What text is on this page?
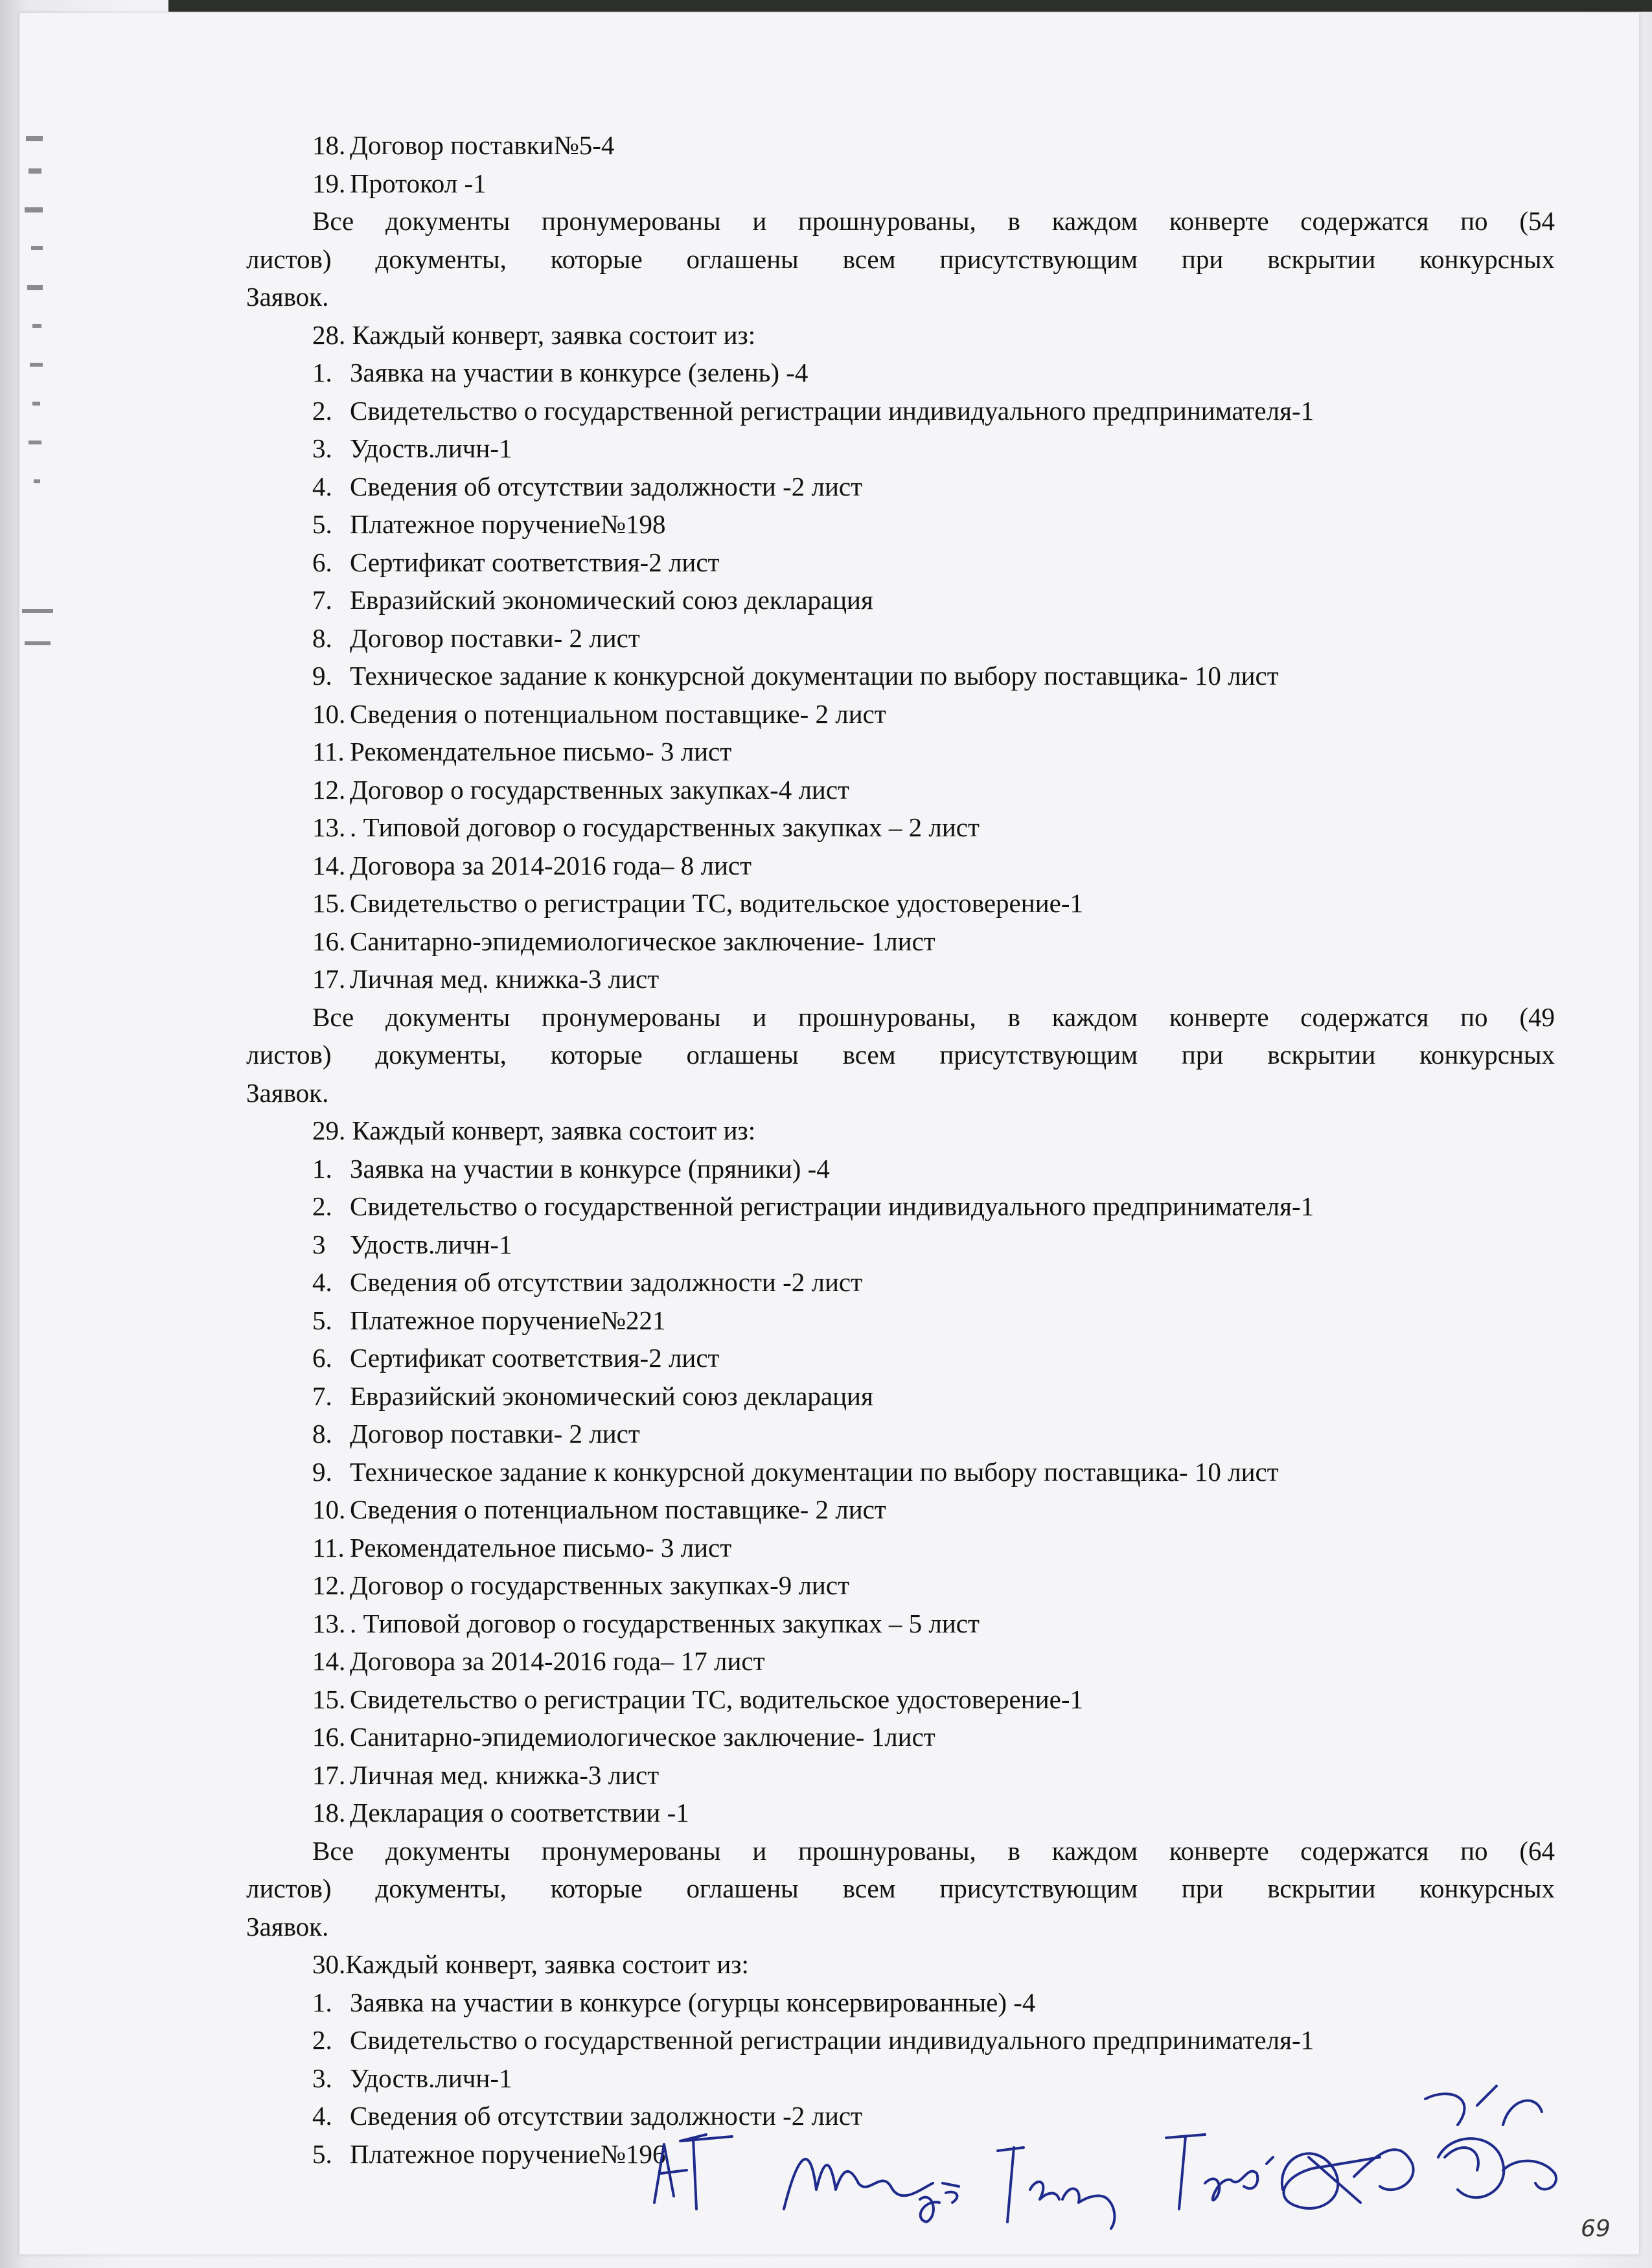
18. Договор поставки№5-4
19. Протокол -1
Все документы пронумерованы и прошнурованы, в каждом конверте содержатся по (54
листов) документы, которые оглашены всем присутствующим при вскрытии конкурсных
Заявок.
28. Каждый конверт, заявка состоит из:
1. Заявка на участии в конкурсе (зелень) -4
2. Свидетельство о государственной регистрации индивидуального предпринимателя-1
3. Удоств.личн-1
4. Сведения об отсутствии задолжности -2 лист
5. Платежное поручение№198
6. Сертификат соответствия-2 лист
7. Евразийский экономический союз декларация
8. Договор поставки- 2 лист
9. Техническое задание к конкурсной документации по выбору поставщика- 10 лист
10. Сведения о потенциальном поставщике- 2 лист
11. Рекомендательное письмо- 3 лист
12. Договор о государственных закупках-4 лист
13. . Типовой договор о государственных закупках – 2 лист
14. Договора за 2014-2016 года– 8 лист
15. Свидетельство о регистрации ТС, водительское удостоверение-1
16. Санитарно-эпидемиологическое заключение- 1лист
17. Личная мед. книжка-3 лист
Все документы пронумерованы и прошнурованы, в каждом конверте содержатся по (49
листов) документы, которые оглашены всем присутствующим при вскрытии конкурсных
Заявок.
29. Каждый конверт, заявка состоит из:
1. Заявка на участии в конкурсе (пряники) -4
2. Свидетельство о государственной регистрации индивидуального предпринимателя-1
3 Удоств.личн-1
4. Сведения об отсутствии задолжности -2 лист
5. Платежное поручение№221
6. Сертификат соответствия-2 лист
7. Евразийский экономический союз декларация
8. Договор поставки- 2 лист
9. Техническое задание к конкурсной документации по выбору поставщика- 10 лист
10. Сведения о потенциальном поставщике- 2 лист
11. Рекомендательное письмо- 3 лист
12. Договор о государственных закупках-9 лист
13. . Типовой договор о государственных закупках – 5 лист
14. Договора за 2014-2016 года– 17 лист
15. Свидетельство о регистрации ТС, водительское удостоверение-1
16. Санитарно-эпидемиологическое заключение- 1лист
17. Личная мед. книжка-3 лист
18. Декларация о соответствии -1
Все документы пронумерованы и прошнурованы, в каждом конверте содержатся по (64
листов) документы, которые оглашены всем присутствующим при вскрытии конкурсных
Заявок.
30.Каждый конверт, заявка состоит из:
1. Заявка на участии в конкурсе (огурцы консервированные) -4
2. Свидетельство о государственной регистрации индивидуального предпринимателя-1
3. Удоств.личн-1
4. Сведения об отсутствии задолжности -2 лист
5. Платежное поручение№196
69
